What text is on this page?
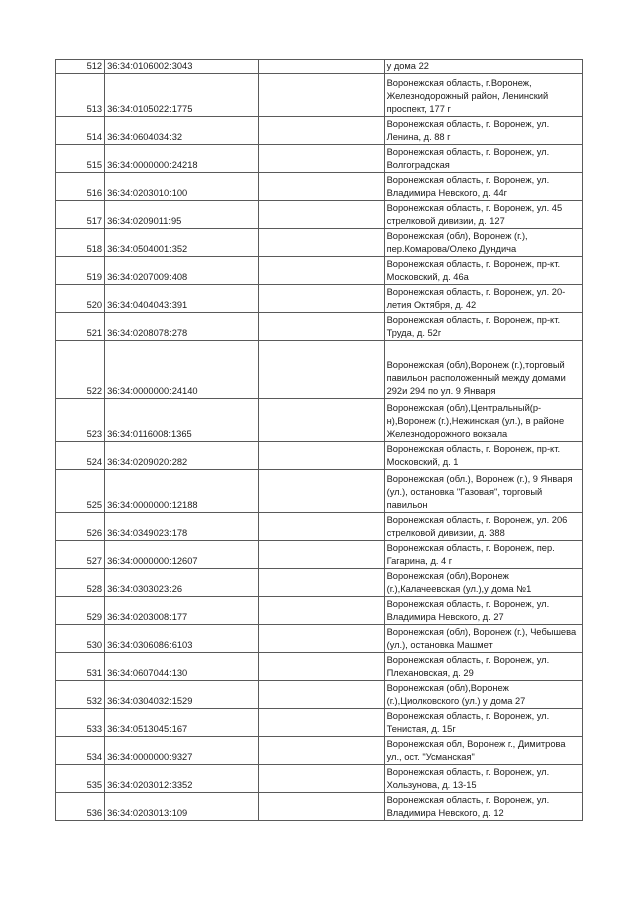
512	36:34:0106002:3043		у дома 22
513	36:34:0105022:1775		Воронежская область, г.Воронеж, Железнодорожный район, Ленинский проспект, 177 г
514	36:34:0604034:32		Воронежская область, г. Воронеж, ул. Ленина, д. 88 г
515	36:34:0000000:24218		Воронежская область, г. Воронеж, ул. Волгоградская
516	36:34:0203010:100		Воронежская область, г. Воронеж, ул. Владимира Невского, д. 44г
517	36:34:0209011:95		Воронежская область, г. Воронеж, ул. 45 стрелковой дивизии, д. 127
518	36:34:0504001:352		Воронежская (обл), Воронеж (г.), пер.Комарова/Олеко Дундича
519	36:34:0207009:408		Воронежская область, г. Воронеж, пр-кт. Московский, д. 46а
520	36:34:0404043:391		Воронежская область, г. Воронеж, ул. 20-летия Октября, д. 42
521	36:34:0208078:278		Воронежская область, г. Воронеж, пр-кт. Труда, д. 52г
522	36:34:0000000:24140		Воронежская (обл),Воронеж (г.),торговый павильон расположенный между домами 292и 294 по ул. 9 Января
523	36:34:0116008:1365		Воронежская (обл),Центральный(р-н),Воронеж (г.),Нежинская (ул.), в районе Железнодорожного вокзала
524	36:34:0209020:282		Воронежская область, г. Воронеж, пр-кт. Московский, д. 1
525	36:34:0000000:12188		Воронежская (обл.), Воронеж (г.), 9 Января (ул.), остановка "Газовая", торговый павильон
526	36:34:0349023:178		Воронежская область, г. Воронеж, ул. 206 стрелковой дивизии, д. 388
527	36:34:0000000:12607		Воронежская область, г. Воронеж, пер. Гагарина, д. 4 г
528	36:34:0303023:26		Воронежская (обл),Воронеж (г.),Калачеевская (ул.),у дома №1
529	36:34:0203008:177		Воронежская область, г. Воронеж, ул. Владимира Невского, д. 27
530	36:34:0306086:6103		Воронежская (обл), Воронеж (г.), Чебышева (ул.), остановка Машмет
531	36:34:0607044:130		Воронежская область, г. Воронеж, ул. Плехановская, д. 29
532	36:34:0304032:1529		Воронежская (обл),Воронеж (г.),Циолковского (ул.) у дома 27
533	36:34:0513045:167		Воронежская область, г. Воронеж, ул. Тенистая, д. 15г
534	36:34:0000000:9327		Воронежская обл, Воронеж г., Димитрова ул., ост. "Усманская"
535	36:34:0203012:3352		Воронежская область, г. Воронеж, ул. Хользунова, д. 13-15
536	36:34:0203013:109		Воронежская область, г. Воронеж, ул. Владимира Невского, д. 12
